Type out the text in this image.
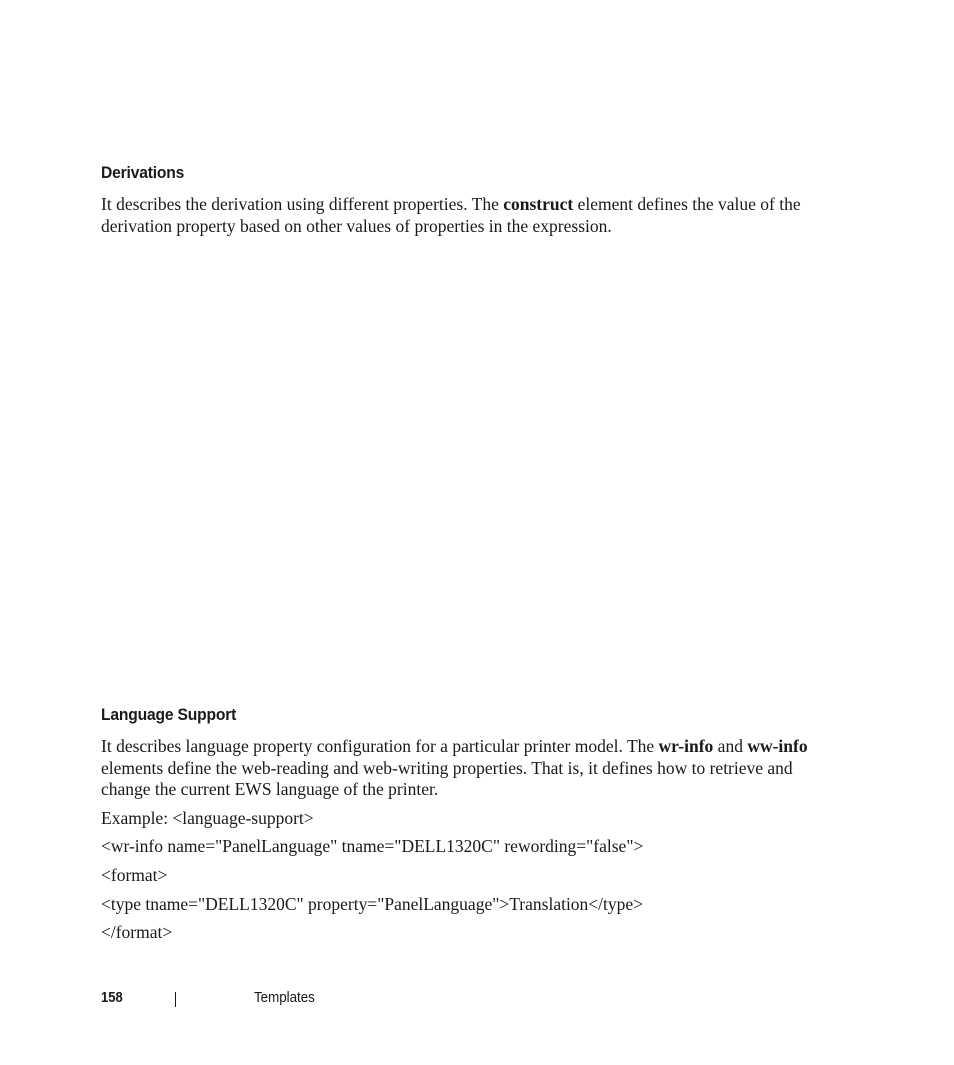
Derivations

It describes the derivation using different properties. The construct element defines the value of the
derivation property based on other values of properties in the expression.

Language Support

It describes language property configuration for a particular printer model. The wr-info and ww-info
elements define the web-reading and web-writing properties. That is, it defines how to retrieve and
change the current EWS language of the printer.

Example: <language-support>

<wr-info name="PanelLanguage" tname="DELL1320C" rewording="false">

<format>

<type tname="DELL1320C" property="PanelLanguage">Translation</type>

</format>

158	Templates
